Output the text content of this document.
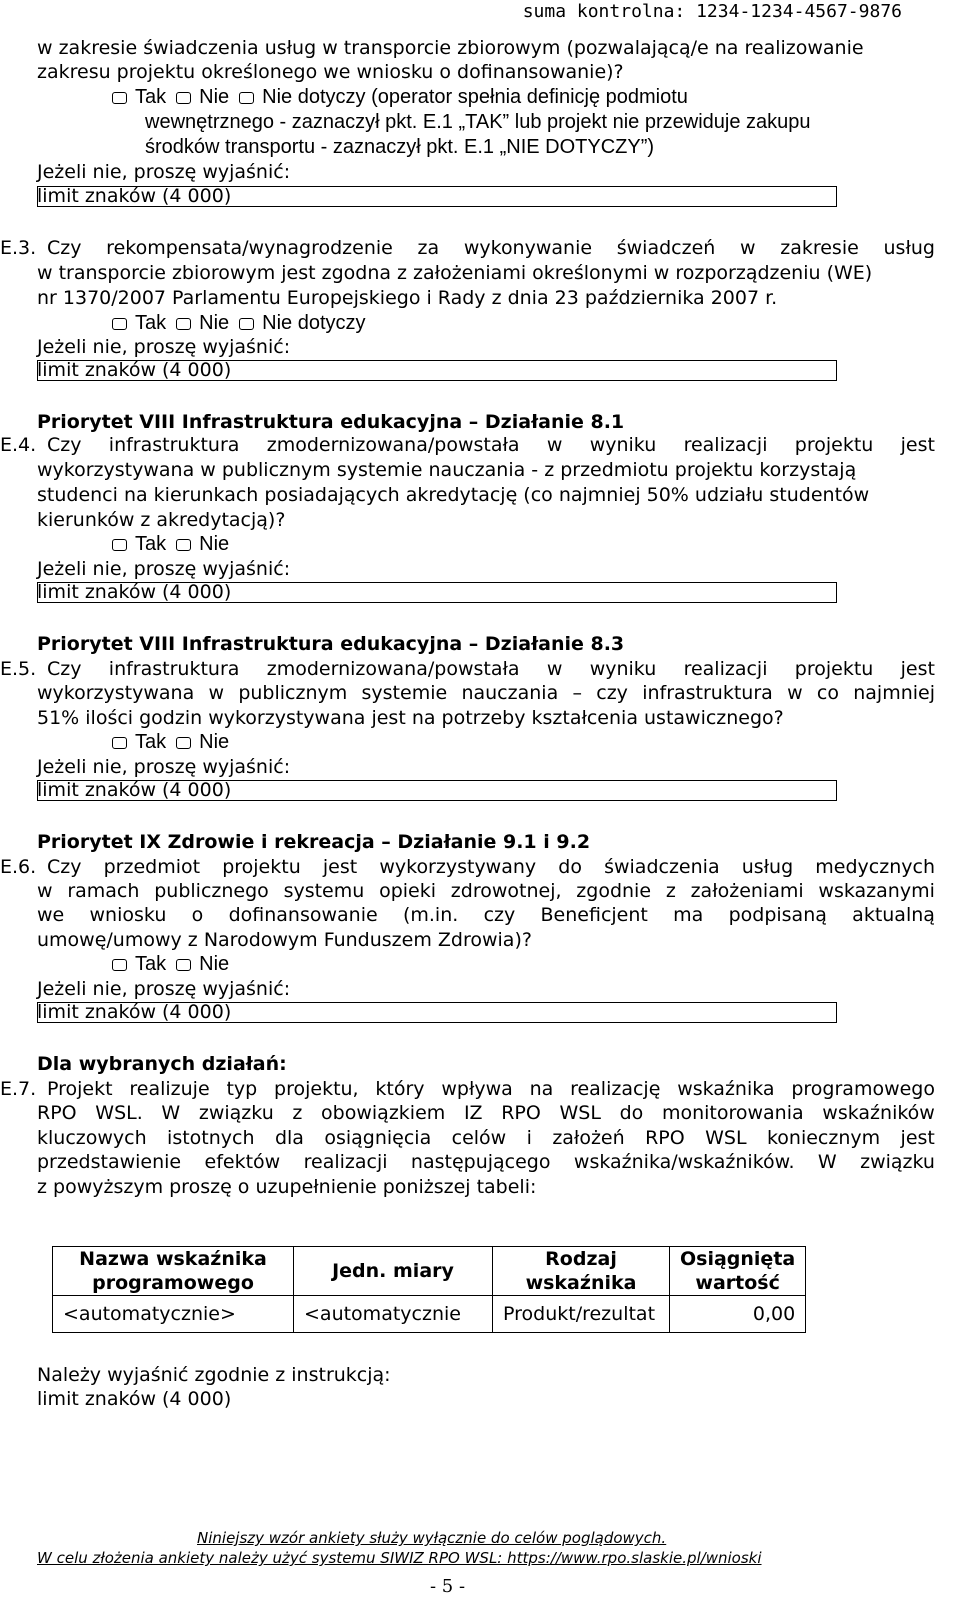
suma kontrolna: 1234-1234-4567-9876
w zakresie świadczenia usług w transporcie zbiorowym (pozwalającą/e na realizowanie
zakresu projektu określonego we wniosku o dofinansowanie)?
Tak Nie Nie dotyczy (operator spełnia definicję podmiotu
wewnętrznego - zaznaczył pkt. E.1 „TAK” lub projekt nie przewiduje zakupu
środków transportu - zaznaczył pkt. E.1 „NIE DOTYCZY”)
Jeżeli nie, proszę wyjaśnić:
limit znaków (4 000)
E.3. Czy rekompensata/wynagrodzenie za wykonywanie świadczeń w zakresie usług
w transporcie zbiorowym jest zgodna z założeniami określonymi w rozporządzeniu (WE)
nr 1370/2007 Parlamentu Europejskiego i Rady z dnia 23 października 2007 r.
Tak Nie Nie dotyczy
Jeżeli nie, proszę wyjaśnić:
limit znaków (4 000)
Priorytet VIII Infrastruktura edukacyjna – Działanie 8.1
E.4. Czy infrastruktura zmodernizowana/powstała w wyniku realizacji projektu jest
wykorzystywana w publicznym systemie nauczania - z przedmiotu projektu korzystają
studenci na kierunkach posiadających akredytację (co najmniej 50% udziału studentów
kierunków z akredytacją)?
Tak Nie
Jeżeli nie, proszę wyjaśnić:
limit znaków (4 000)
Priorytet VIII Infrastruktura edukacyjna – Działanie 8.3
E.5. Czy infrastruktura zmodernizowana/powstała w wyniku realizacji projektu jest
wykorzystywana w publicznym systemie nauczania – czy infrastruktura w co najmniej
51% ilości godzin wykorzystywana jest na potrzeby kształcenia ustawicznego?
Tak Nie
Jeżeli nie, proszę wyjaśnić:
limit znaków (4 000)
Priorytet IX Zdrowie i rekreacja – Działanie 9.1 i 9.2
E.6. Czy przedmiot projektu jest wykorzystywany do świadczenia usług medycznych
w ramach publicznego systemu opieki zdrowotnej, zgodnie z założeniami wskazanymi
we wniosku o dofinansowanie (m.in. czy Beneficjent ma podpisaną aktualną
umowę/umowy z Narodowym Funduszem Zdrowia)?
Tak Nie
Jeżeli nie, proszę wyjaśnić:
limit znaków (4 000)
Dla wybranych działań:
E.7. Projekt realizuje typ projektu, który wpływa na realizację wskaźnika programowego
RPO WSL. W związku z obowiązkiem IZ RPO WSL do monitorowania wskaźników
kluczowych istotnych dla osiągnięcia celów i założeń RPO WSL koniecznym jest
przedstawienie efektów realizacji następującego wskaźnika/wskaźników. W związku
z powyższym proszę o uzupełnienie poniższej tabeli:
Nazwa wskaźnika programowego	Jedn. miary	Rodzaj wskaźnika	Osiągnięta wartość
<automatycznie>	<automatycznie	Produkt/rezultat	0,00
Należy wyjaśnić zgodnie z instrukcją:
limit znaków (4 000)
Niniejszy wzór ankiety służy wyłącznie do celów poglądowych.
W celu złożenia ankiety należy użyć systemu SIWIZ RPO WSL: https://www.rpo.slaskie.pl/wnioski
- 5 -
